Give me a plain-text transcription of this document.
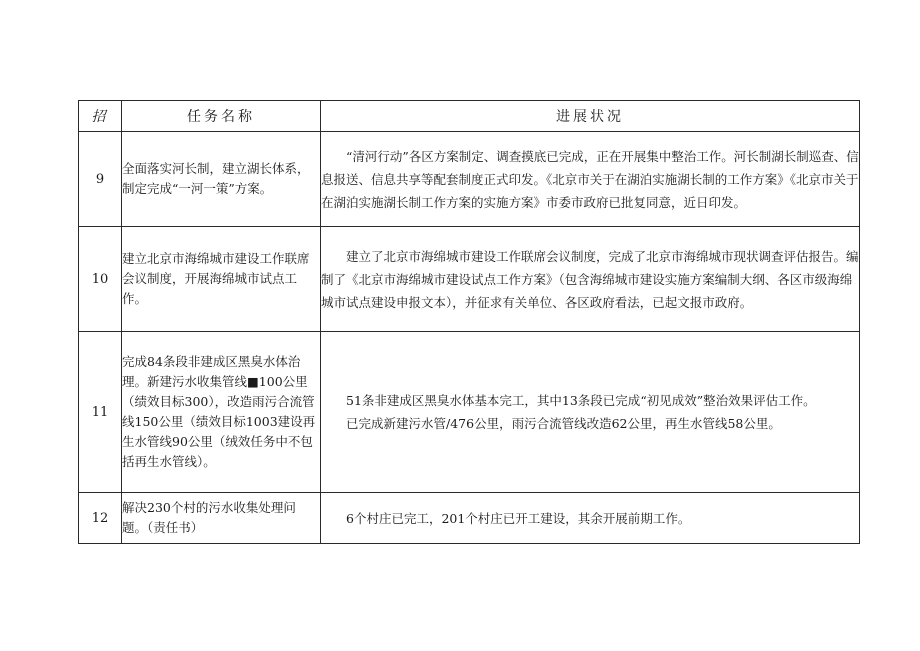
招	任务名称	进展状况
9	全面落实河长制，建立湖长体系，制定完成“一河一策”方案。	“清河行动”各区方案制定、调查摸底已完成，正在开展集中整治工作。河长制湖长制巡查、信息报送、信息共享等配套制度正式印发。《北京市关于在湖泊实施湖长制的工作方案》《北京市关于在湖泊实施湖长制工作方案的实施方案》市委市政府已批复同意，近日印发。

10	建立北京市海绵城市建设工作联席会议制度，开展海绵城市试点工作。	建立了北京市海绵城市建设工作联席会议制度，完成了北京市海绵城市现状调查评估报告。编制了《北京市海绵城市建设试点工作方案》（包含海绵城市建设实施方案编制大纲、各区市级海绵城市试点建设申报文本），并征求有关单位、各区政府看法，已起文报市政府。

11	完成84条段非建成区黑臭水体治理。新建污水收集管线■100公里（绩效目标300），改造雨污合流管线150公里（绩效目标1003建设再生水管线90公里（绒效任务中不包括再生水管线）。	51条非建成区黑臭水体基本完工，其中13条段已完成“初见成效”整治效果评估工作。

已完成新建污水管/476公里，雨污合流管线改造62公里，再生水管线58公里。

12	解决230个村的污水收集处理问题。（责任书）	6个村庄已完工，201个村庄已开工建设，其余开展前期工作。
